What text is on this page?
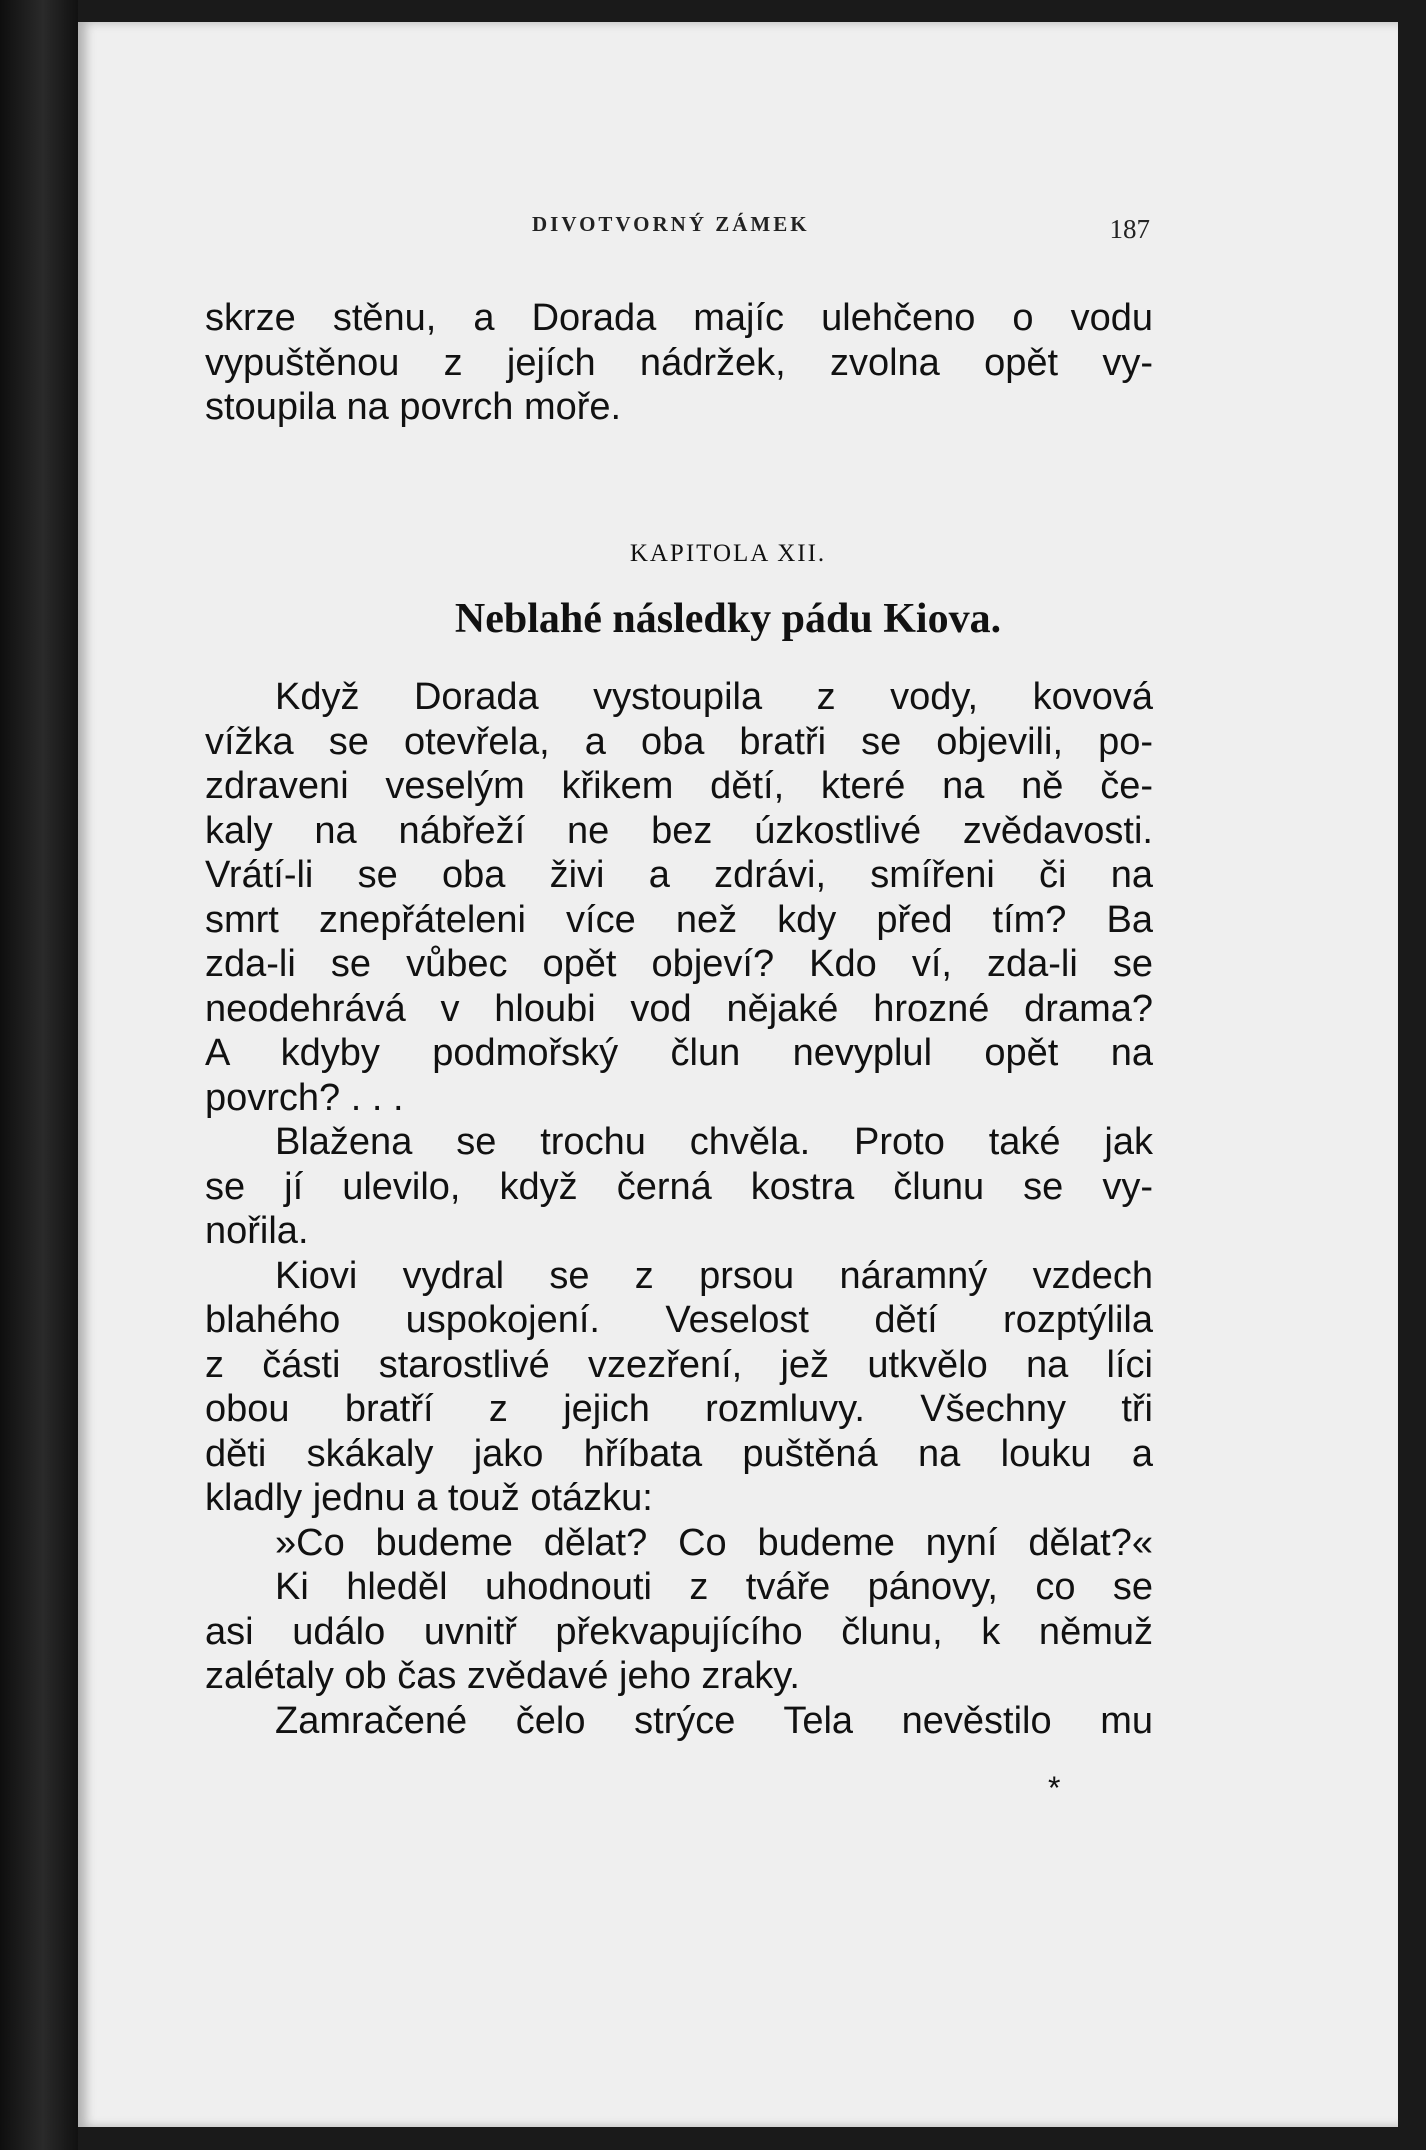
DIVOTVORNÝ ZÁMEK	187
skrze stěnu, a Dorada majíc ulehčeno o vodu
vypuštěnou z jejích nádržek, zvolna opět vy-
stoupila na povrch moře.
KAPITOLA XII.
Neblahé následky pádu Kiova.
Když Dorada vystoupila z vody, kovová
vížka se otevřela, a oba bratři se objevili, po-
zdraveni veselým křikem dětí, které na ně če-
kaly na nábřeží ne bez úzkostlivé zvědavosti.
Vrátí-li se oba živi a zdrávi, smířeni či na
smrt znepřáteleni více než kdy před tím? Ba
zda-li se vůbec opět objeví? Kdo ví, zda-li se
neodehrává v hloubi vod nějaké hrozné drama?
A kdyby podmořský člun nevyplul opět na
povrch? . . .
Blažena se trochu chvěla. Proto také jak
se jí ulevilo, když černá kostra člunu se vy-
nořila.
Kiovi vydral se z prsou náramný vzdech
blahého uspokojení. Veselost dětí rozptýlila
z části starostlivé vzezření, jež utkvělo na líci
obou bratří z jejich rozmluvy. Všechny tři
děti skákaly jako hříbata puštěná na louku a
kladly jednu a touž otázku:
»Co budeme dělat? Co budeme nyní dělat?«
Ki hleděl uhodnouti z tváře pánovy, co se
asi událo uvnitř překvapujícího člunu, k němuž
zalétaly ob čas zvědavé jeho zraky.
Zamračené čelo strýce Tela nevěstilo mu
*
